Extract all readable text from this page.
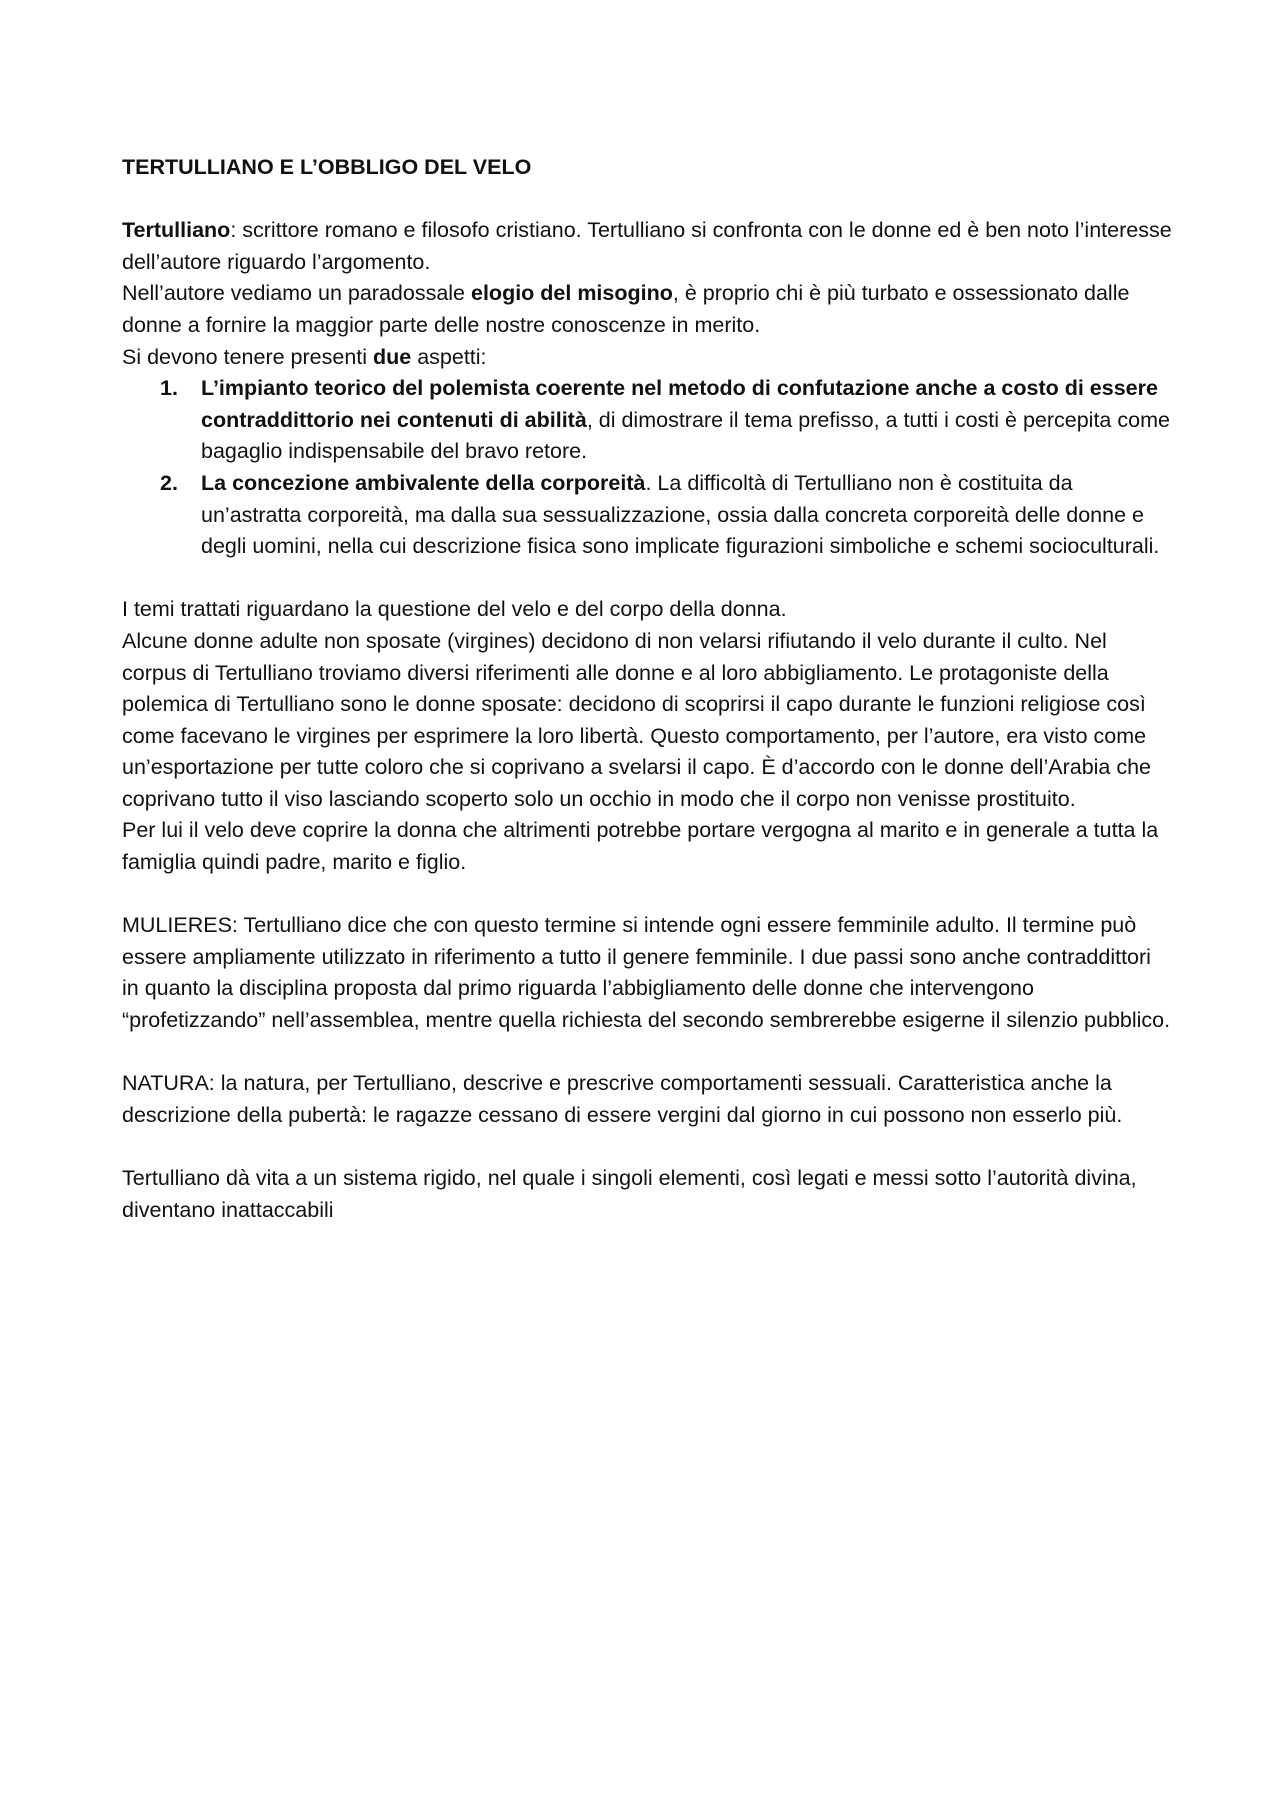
TERTULLIANO E L’OBBLIGO DEL VELO

Tertulliano: scrittore romano e filosofo cristiano. Tertulliano si confronta con le donne ed è ben noto l’interesse dell’autore riguardo l’argomento.

Nell’autore vediamo un paradossale elogio del misogino, è proprio chi è più turbato e ossessionato dalle donne a fornire la maggior parte delle nostre conoscenze in merito.

Si devono tenere presenti due aspetti:

1. L’impianto teorico del polemista coerente nel metodo di confutazione anche a costo di essere contraddittorio nei contenuti di abilità, di dimostrare il tema prefisso, a tutti i costi è percepita come bagaglio indispensabile del bravo retore.
2. La concezione ambivalente della corporeità. La difficoltà di Tertulliano non è costituita da un’astratta corporeità, ma dalla sua sessualizzazione, ossia dalla concreta corporeità delle donne e degli uomini, nella cui descrizione fisica sono implicate figurazioni simboliche e schemi socioculturali.

I temi trattati riguardano la questione del velo e del corpo della donna.

Alcune donne adulte non sposate (virgines) decidono di non velarsi rifiutando il velo durante il culto. Nel corpus di Tertulliano troviamo diversi riferimenti alle donne e al loro abbigliamento. Le protagoniste della polemica di Tertulliano sono le donne sposate: decidono di scoprirsi il capo durante le funzioni religiose così come facevano le virgines per esprimere la loro libertà. Questo comportamento, per l’autore, era visto come un’esportazione per tutte coloro che si coprivano a svelarsi il capo. È d’accordo con le donne dell’Arabia che coprivano tutto il viso lasciando scoperto solo un occhio in modo che il corpo non venisse prostituito.

Per lui il velo deve coprire la donna che altrimenti potrebbe portare vergogna al marito e in generale a tutta la famiglia quindi padre, marito e figlio.

MULIERES: Tertulliano dice che con questo termine si intende ogni essere femminile adulto. Il termine può essere ampliamente utilizzato in riferimento a tutto il genere femminile. I due passi sono anche contraddittori in quanto la disciplina proposta dal primo riguarda l’abbigliamento delle donne che intervengono “profetizzando” nell’assemblea, mentre quella richiesta del secondo sembrerebbe esigerne il silenzio pubblico.

NATURA: la natura, per Tertulliano, descrive e prescrive comportamenti sessuali. Caratteristica anche la descrizione della pubertà: le ragazze cessano di essere vergini dal giorno in cui possono non esserlo più.

Tertulliano dà vita a un sistema rigido, nel quale i singoli elementi, così legati e messi sotto l’autorità divina, diventano inattaccabili
